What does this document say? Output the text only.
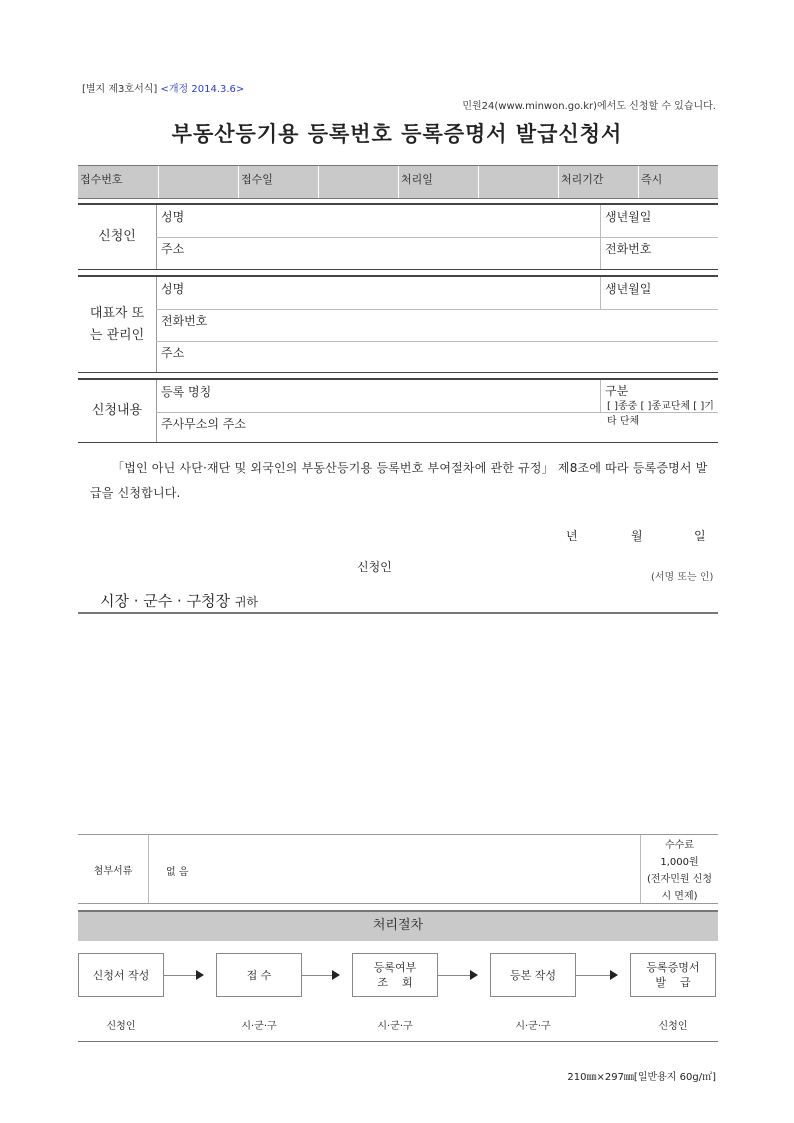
[별지 제3호서식] <개정 2014.3.6>
민원24(www.minwon.go.kr)에서도 신청할 수 있습니다.
부동산등기용 등록번호 등록증명서 발급신청서
접수번호	접수일	처리일	처리기간	즉시
신청인
성명	생년월일
주소	전화번호
대표자 또
는 관리인
성명	생년월일
전화번호
주소
신청내용
등록 명칭	구분
[ ]종중 [ ]종교단체 [ ]기타 단체
주사무소의 주소
「법인 아닌 사단·재단 및 외국인의 부동산등기용 등록번호 부여절차에 관한 규정」 제8조에 따라 등록증명서 발급을 신청합니다.
년	월	일
신청인
(서명 또는 인)
시장 · 군수 · 구청장 귀하
첨부서류	없 음
수수료
1,000원
(전자민원 신청 시 면제)
처리절차
신청서 작성	접 수
등록여부
조    회
등본 작성
등록증명서
발    급
신청인	시·군·구	시·군·구	시·군·구	신청인
210㎜×297㎜[일반용지 60g/㎡]
